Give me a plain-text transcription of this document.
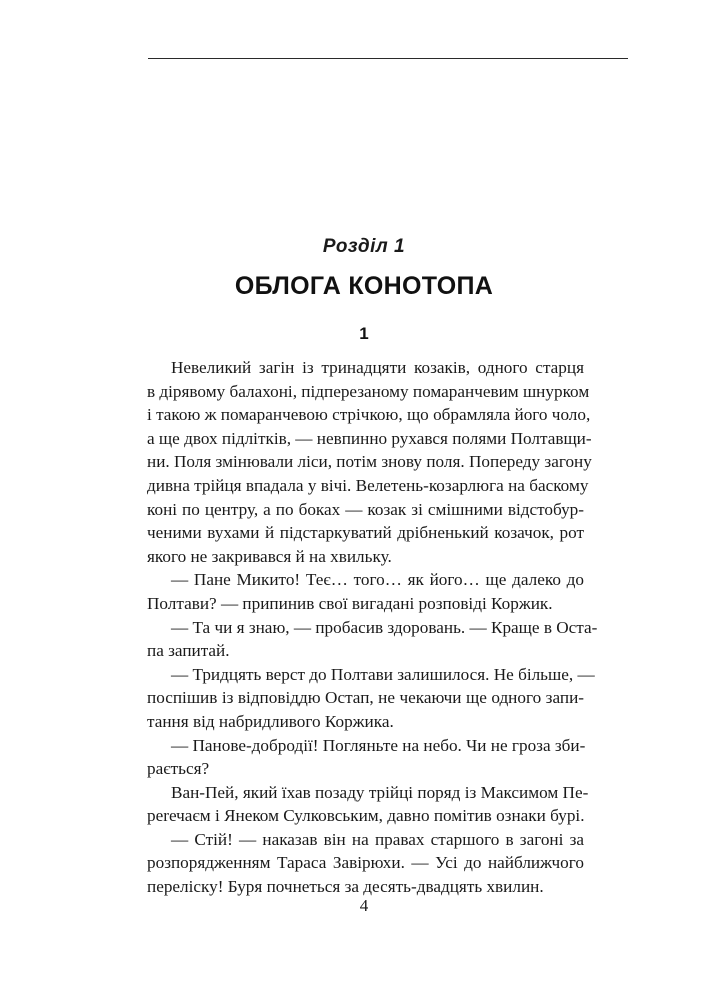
Розділ 1
ОБЛОГА КОНОТОПА
1
Невеликий загін із тринадцяти козаків, одного старця
в дірявому балахоні, підперезаному помаранчевим шнурком
і такою ж помаранчевою стрічкою, що обрамляла його чоло,
а ще двох підлітків, — невпинно рухався полями Полтавщи-
ни. Поля змінювали ліси, потім знову поля. Попереду загону
дивна трійця впадала у вічі. Велетень-козарлюга на баскому
коні по центру, а по боках — козак зі смішними відстобур-
ченими вухами й підстаркуватий дрібненький козачок, рот
якого не закривався й на хвильку.
— Пане Микито! Теє… того… як його… ще далеко до
Полтави? — припинив свої вигадані розповіді Коржик.
— Та чи я знаю, — пробасив здоровань. — Краще в Оста-
па запитай.
— Тридцять верст до Полтави залишилося. Не більше, —
поспішив із відповіддю Остап, не чекаючи ще одного запи-
тання від набридливого Коржика.
— Панове-добродії! Погляньте на небо. Чи не гроза зби-
рається?
Ван-Пей, який їхав позаду трійці поряд із Максимом Пе-
perечаєм і Янеком Сулковським, давно помітив ознаки бурі.
— Стій! — наказав він на правах старшого в загоні за
розпорядженням Тараса Завірюхи. — Усі до найближчого
переліску! Буря почнеться за десять-двадцять хвилин.
4
